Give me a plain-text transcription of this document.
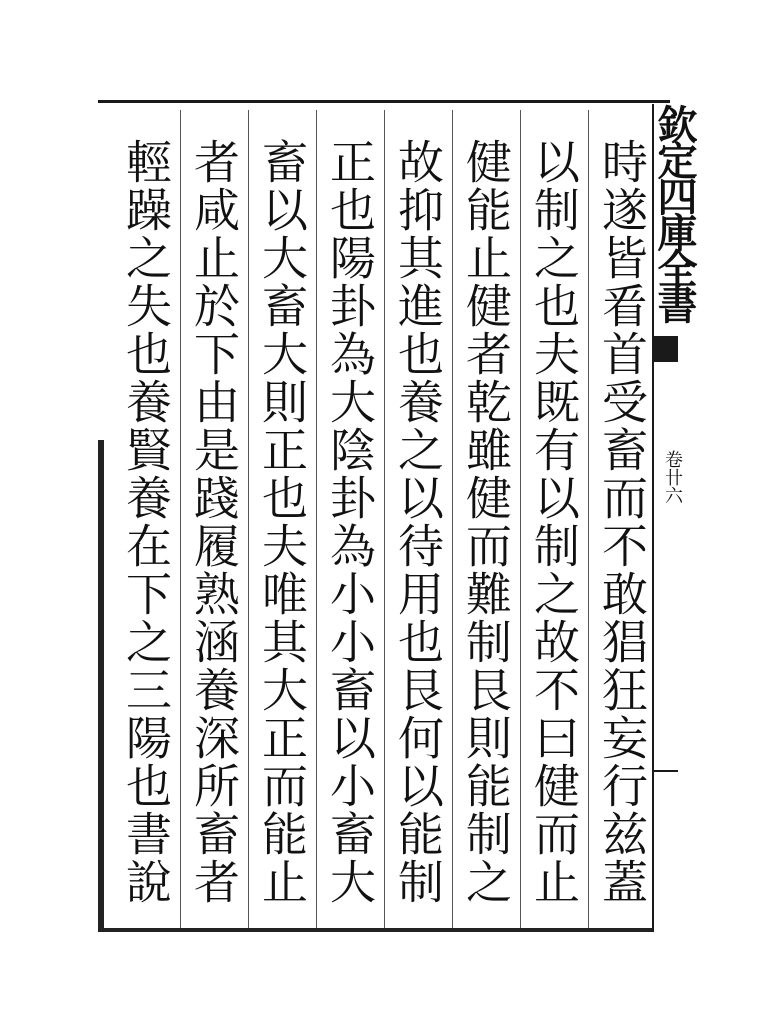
欽定四庫全書
卷卄六
時遂皆㸔首受畜而不敢猖狂妄行兹蓋
以制之也夫既有以制之故不曰健而止
健能止健者乾雖健而難制艮則能制之
故抑其進也養之以待用也艮何以能制
正也陽卦為大陰卦為小小畜以小畜大
畜以大畜大則正也夫唯其大正而能止
者咸止於下由是踐履熟涵養深所畜者
輕躁之失也養賢養在下之三陽也書說
